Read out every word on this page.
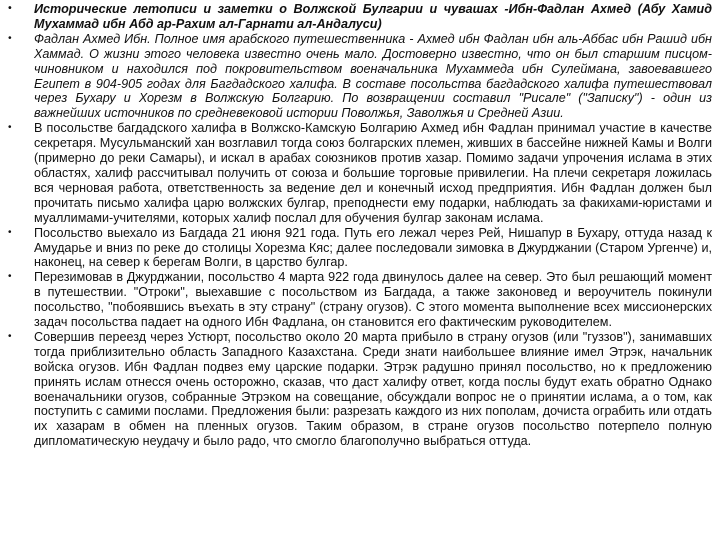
• Исторические летописи и заметки о Волжской Булгарии и чувашах -Ибн-Фадлан Ахмед (Абу Хамид Мухаммад ибн Абд ар-Рахим ал-Гарнати ал-Андалуси)
• Фадлан Ахмед Ибн. Полное имя арабского путешественника - Ахмед ибн Фадлан ибн аль-Аббас ибн Рашид ибн Хаммад. О жизни этого человека известно очень мало. Достоверно известно, что он был старшим писцом-чиновником и находился под покровительством военачальника Мухаммеда ибн Сулеймана, завоевавшего Египет в 904-905 годах для Багдадского халифа. В составе посольства багдадского халифа путешествовал через Бухару и Хорезм в Волжскую Болгарию. По возвращении составил "Рисале" ("Записку") - один из важнейших источников по средневековой истории Поволжья, Заволжья и Средней Азии.
• В посольстве багдадского халифа в Волжско-Камскую Болгарию Ахмед ибн Фадлан принимал участие в качестве секретаря. Мусульманский хан возглавил тогда союз болгарских племен, живших в бассейне нижней Камы и Волги (примерно до реки Самары), и искал в арабах союзников против хазар. Помимо задачи упрочения ислама в этих областях, халиф рассчитывал получить от союза и большие торговые привилегии. На плечи секретаря ложилась вся черновая работа, ответственность за ведение дел и конечный исход предприятия. Ибн Фадлан должен был прочитать письмо халифа царю волжских булгар, преподнести ему подарки, наблюдать за факихами-юристами и муаллимами-учителями, которых халиф послал для обучения булгар законам ислама.
• Посольство выехало из Багдада 21 июня 921 года. Путь его лежал через Рей, Нишапур в Бухару, оттуда назад к Амударье и вниз по реке до столицы Хорезма Кяс; далее последовали зимовка в Джурджании (Старом Ургенче) и, наконец, на север к берегам Волги, в царство булгар.
• Перезимовав в Джурджании, посольство 4 марта 922 года двинулось далее на север. Это был решающий момент в путешествии. "Отроки", выехавшие с посольством из Багдада, а также законовед и вероучитель покинули посольство, "побоявшись въехать в эту страну" (страну огузов). С этого момента выполнение всех миссионерских задач посольства падает на одного Ибн Фадлана, он становится его фактическим руководителем.
• Совершив переезд через Устюрт, посольство около 20 марта прибыло в страну огузов (или "гуззов"), занимавших тогда приблизительно область Западного Казахстана. Среди знати наибольшее влияние имел Этрэк, начальник войска огузов. Ибн Фадлан подвез ему царские подарки. Этрэк радушно принял посольство, но к предложению принять ислам отнесся очень осторожно, сказав, что даст халифу ответ, когда послы будут ехать обратно Однако военачальники огузов, собранные Этрэком на совещание, обсуждали вопрос не о принятии ислама, а о том, как поступить с самими послами. Предложения были: разрезать каждого из них пополам, дочиста ограбить или отдать их хазарам в обмен на пленных огузов. Таким образом, в стране огузов посольство потерпело полную дипломатическую неудачу и было радо, что смогло благополучно выбраться оттуда.
